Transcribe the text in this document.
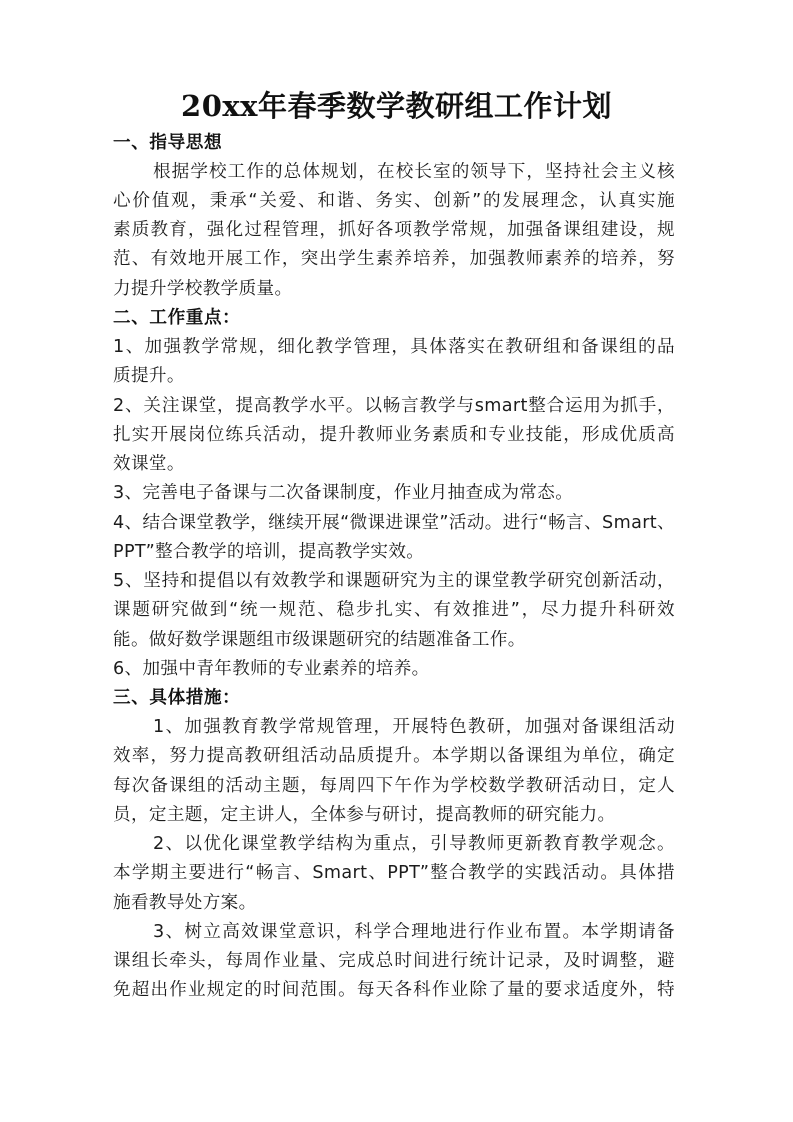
20xx年春季数学教研组工作计划
一、指导思想
根据学校工作的总体规划，在校长室的领导下，坚持社会主义核
心价值观，秉承“关爱、和谐、务实、创新”的发展理念，认真实施
素质教育，强化过程管理，抓好各项教学常规，加强备课组建设，规
范、有效地开展工作，突出学生素养培养，加强教师素养的培养，努
力提升学校教学质量。
二、工作重点：
1、加强教学常规，细化教学管理，具体落实在教研组和备课组的品
质提升。
2、关注课堂，提高教学水平。以畅言教学与smart整合运用为抓手，
扎实开展岗位练兵活动，提升教师业务素质和专业技能，形成优质高
效课堂。
3、完善电子备课与二次备课制度，作业月抽查成为常态。
4、结合课堂教学，继续开展“微课进课堂”活动。进行“畅言、Smart、
PPT”整合教学的培训，提高教学实效。
5、坚持和提倡以有效教学和课题研究为主的课堂教学研究创新活动，
课题研究做到“统一规范、稳步扎实、有效推进”，尽力提升科研效
能。做好数学课题组市级课题研究的结题准备工作。
6、加强中青年教师的专业素养的培养。
三、具体措施：
1、加强教育教学常规管理，开展特色教研，加强对备课组活动
效率，努力提高教研组活动品质提升。本学期以备课组为单位，确定
每次备课组的活动主题，每周四下午作为学校数学教研活动日，定人
员，定主题，定主讲人，全体参与研讨，提高教师的研究能力。
2、以优化课堂教学结构为重点，引导教师更新教育教学观念。
本学期主要进行“畅言、Smart、PPT”整合教学的实践活动。具体措
施看教导处方案。
3、树立高效课堂意识，科学合理地进行作业布置。本学期请备
课组长牵头，每周作业量、完成总时间进行统计记录，及时调整，避
免超出作业规定的时间范围。每天各科作业除了量的要求适度外，特
